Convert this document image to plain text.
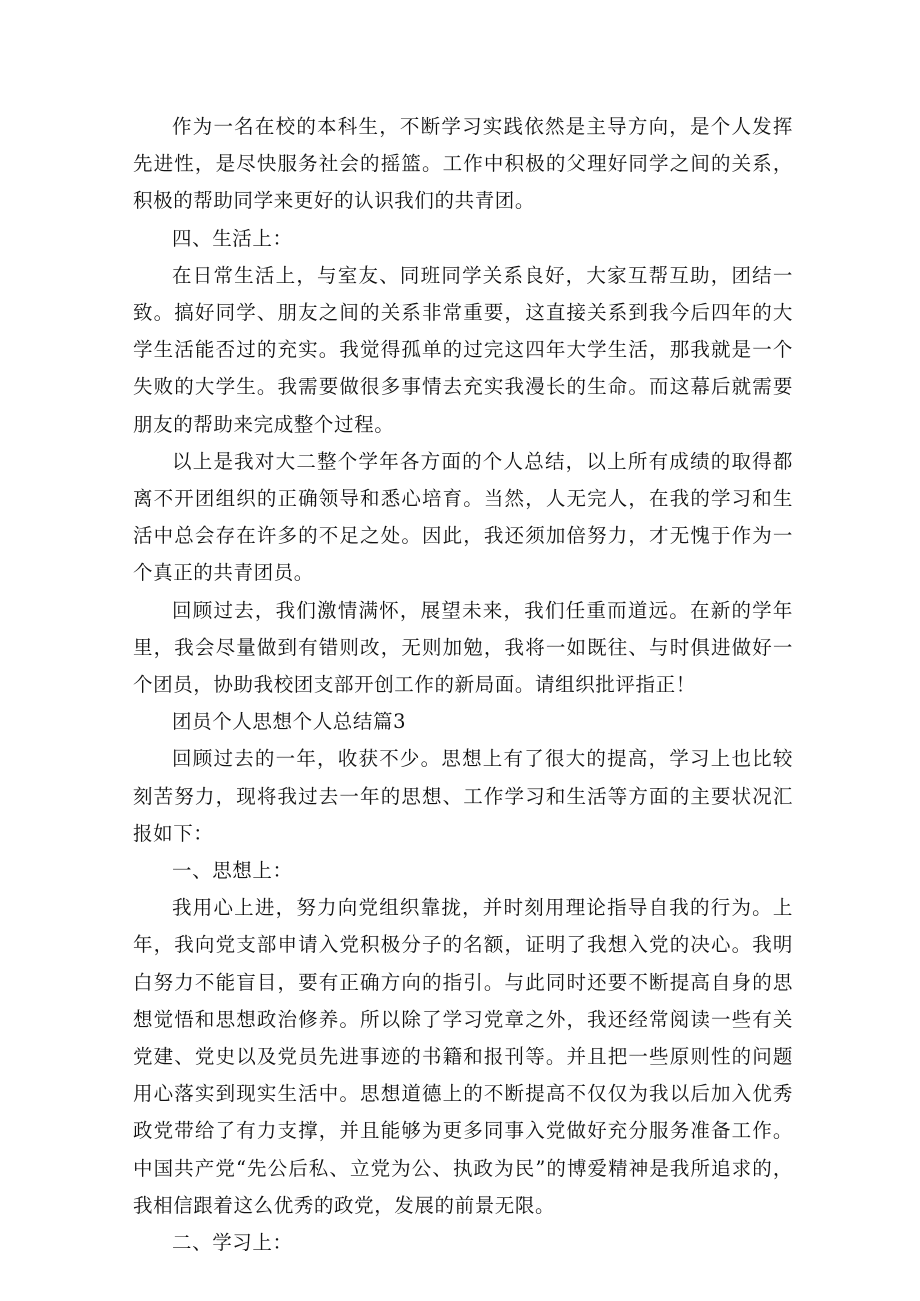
作为一名在校的本科生，不断学习实践依然是主导方向，是个人发挥先进性，是尽快服务社会的摇篮。工作中积极的父理好同学之间的关系，积极的帮助同学来更好的认识我们的共青团。

四、生活上：

在日常生活上，与室友、同班同学关系良好，大家互帮互助，团结一致。搞好同学、朋友之间的关系非常重要，这直接关系到我今后四年的大学生活能否过的充实。我觉得孤单的过完这四年大学生活，那我就是一个失败的大学生。我需要做很多事情去充实我漫长的生命。而这幕后就需要朋友的帮助来完成整个过程。

以上是我对大二整个学年各方面的个人总结，以上所有成绩的取得都离不开团组织的正确领导和悉心培育。当然，人无完人，在我的学习和生活中总会存在许多的不足之处。因此，我还须加倍努力，才无愧于作为一个真正的共青团员。

回顾过去，我们激情满怀，展望未来，我们任重而道远。在新的学年里，我会尽量做到有错则改，无则加勉，我将一如既往、与时俱进做好一个团员，协助我校团支部开创工作的新局面。请组织批评指正！

团员个人思想个人总结篇3

回顾过去的一年，收获不少。思想上有了很大的提高，学习上也比较刻苦努力，现将我过去一年的思想、工作学习和生活等方面的主要状况汇报如下：

一、思想上：

我用心上进，努力向党组织靠拢，并时刻用理论指导自我的行为。上年，我向党支部申请入党积极分子的名额，证明了我想入党的决心。我明白努力不能盲目，要有正确方向的指引。与此同时还要不断提高自身的思想觉悟和思想政治修养。所以除了学习党章之外，我还经常阅读一些有关党建、党史以及党员先进事迹的书籍和报刊等。并且把一些原则性的问题用心落实到现实生活中。思想道德上的不断提高不仅仅为我以后加入优秀政党带给了有力支撑，并且能够为更多同事入党做好充分服务准备工作。中国共产党“先公后私、立党为公、执政为民”的博爱精神是我所追求的，我相信跟着这么优秀的政党，发展的前景无限。

二、学习上：
